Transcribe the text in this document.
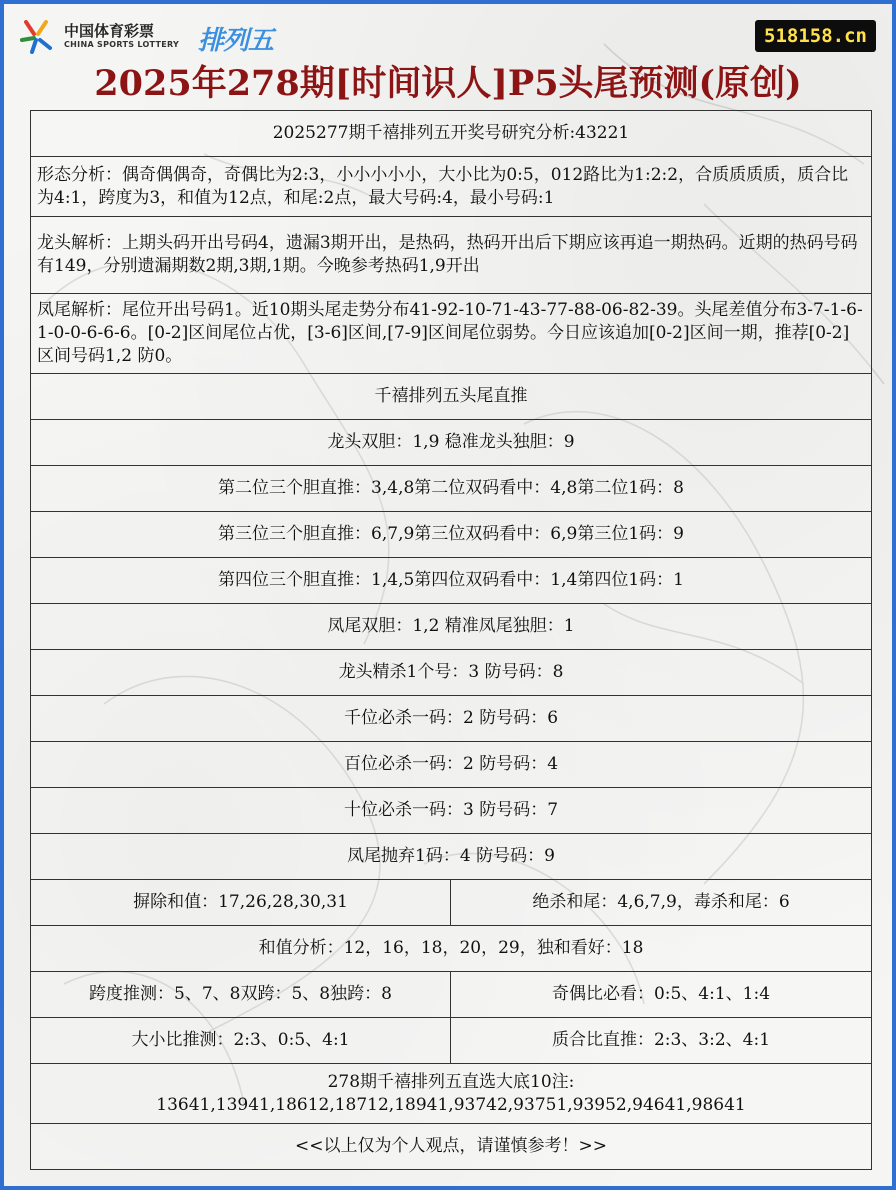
中国体育彩票
CHINA SPORTS LOTTERY 排列五	518158.cn
2025年278期[时间识人]P5头尾预测(原创)
2025277期千禧排列五开奖号研究分析:43221	
形态分析：偶奇偶偶奇，奇偶比为2:3，小小小小小，大小比为0:5，012路比为1:2:2，合质质质质，质合比为4:1，跨度为3，和值为12点，和尾:2点，最大号码:4，最小号码:1	
龙头解析：上期头码开出号码4，遗漏3期开出，是热码，热码开出后下期应该再追一期热码。近期的热码号码有149，分别遗漏期数2期,3期,1期。今晚参考热码1,9开出	
凤尾解析：尾位开出号码1。近10期头尾走势分布41-92-10-71-43-77-88-06-82-39。头尾差值分布3-7-1-6-1-0-0-6-6-6。[0-2]区间尾位占优，[3-6]区间,[7-9]区间尾位弱势。今日应该追加[0-2]区间一期，推荐[0-2]区间号码1,2 防0。	
千禧排列五头尾直推	
龙头双胆：1,9 稳准龙头独胆：9	
第二位三个胆直推：3,4,8第二位双码看中：4,8第二位1码：8	
第三位三个胆直推：6,7,9第三位双码看中：6,9第三位1码：9	
第四位三个胆直推：1,4,5第四位双码看中：1,4第四位1码：1	
凤尾双胆：1,2 精准凤尾独胆：1	
龙头精杀1个号：3 防号码：8	
千位必杀一码：2 防号码：6	
百位必杀一码：2 防号码：4	
十位必杀一码：3 防号码：7	
凤尾抛弃1码：4 防号码：9	
摒除和值：17,26,28,30,31	绝杀和尾：4,6,7,9，毒杀和尾：6
和值分析：12，16，18，20，29，独和看好：18	
跨度推测：5、7、8双跨：5、8独跨：8	奇偶比必看：0:5、4:1、1:4
大小比推测：2:3、0:5、4:1	质合比直推：2:3、3:2、4:1

278期千禧排列五直选大底10注:
13641,13941,18612,18712,18941,93742,93751,93952,94641,98641	

<<以上仅为个人观点，请谨慎参考！>>	
